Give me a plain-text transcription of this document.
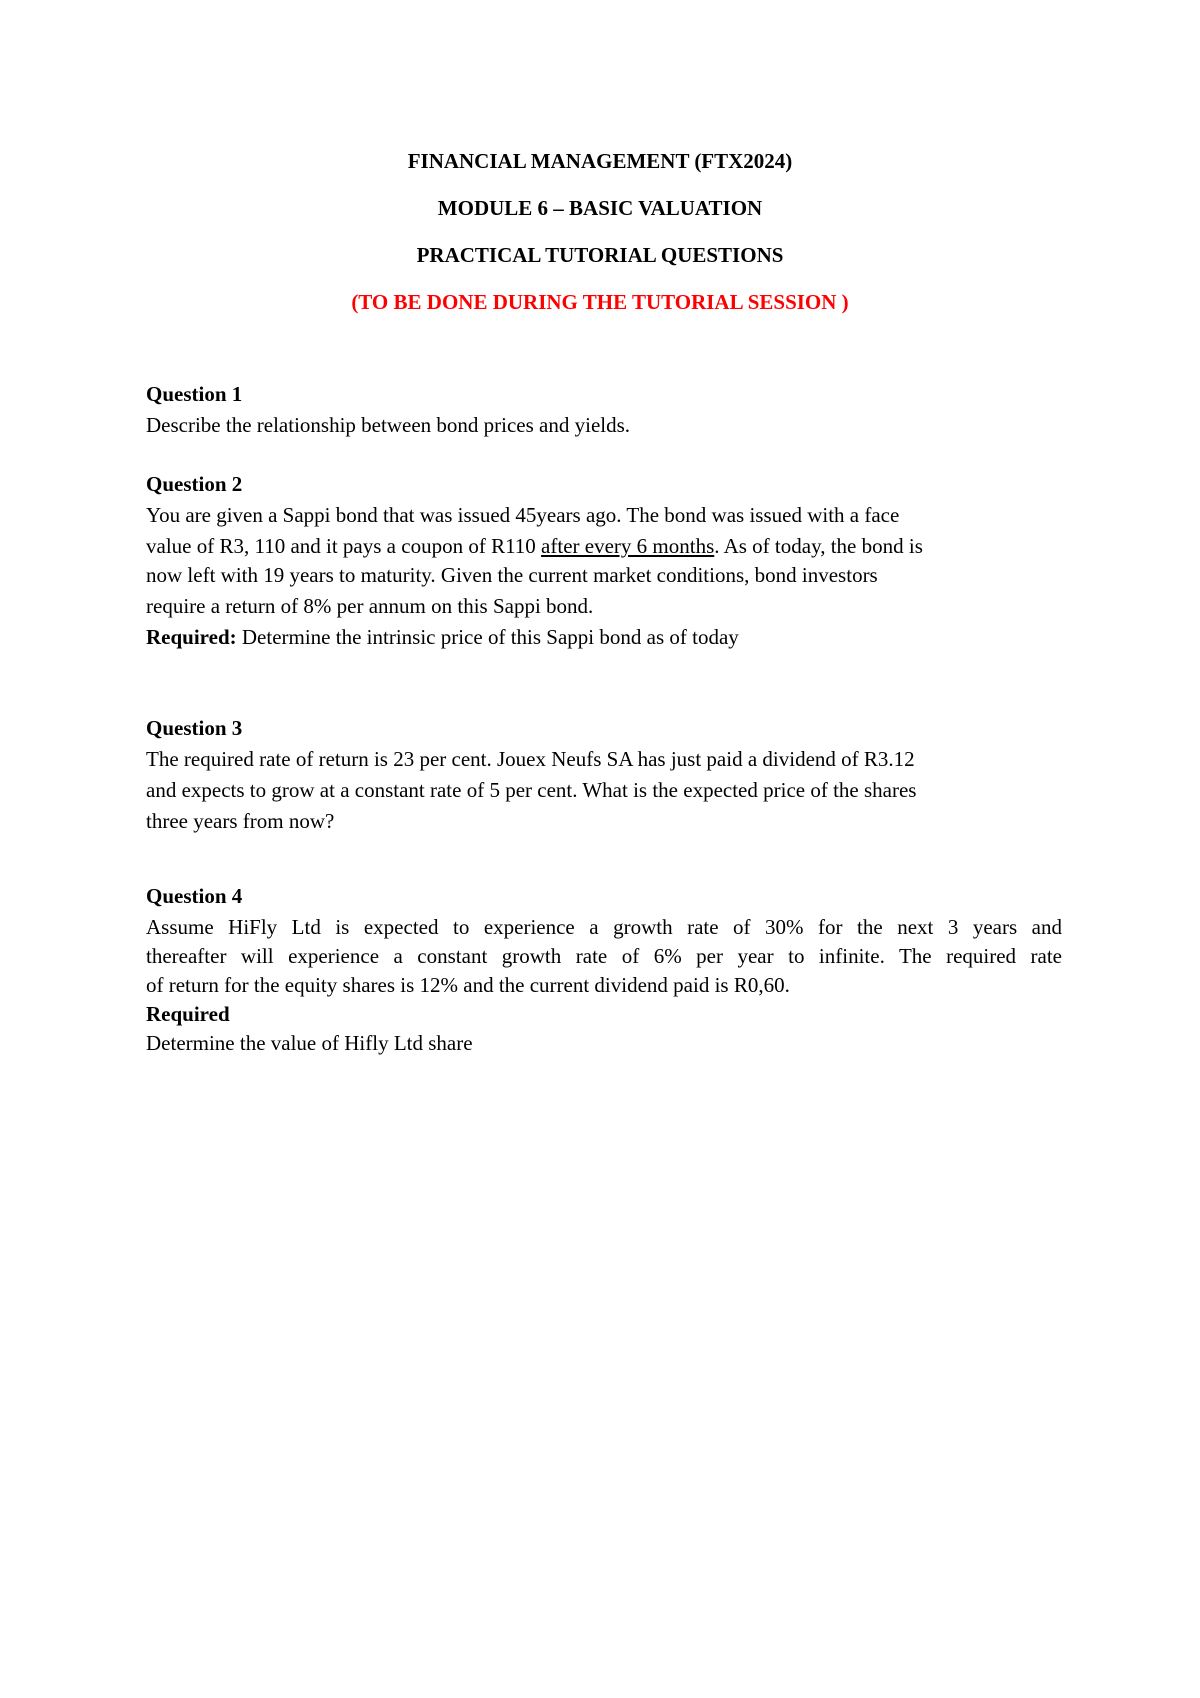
FINANCIAL MANAGEMENT (FTX2024)
MODULE 6 – BASIC VALUATION
PRACTICAL TUTORIAL QUESTIONS
(TO BE DONE DURING THE TUTORIAL SESSION )
Question 1
Describe the relationship between bond prices and yields.
Question 2
You are given a Sappi bond that was issued 45years ago. The bond was issued with a face
value of R3, 110 and it pays a coupon of R110 after every 6 months. As of today, the bond is
now left with 19 years to maturity. Given the current market conditions, bond investors
require a return of 8% per annum on this Sappi bond.
Required: Determine the intrinsic price of this Sappi bond as of today
Question 3
The required rate of return is 23 per cent. Jouex Neufs SA has just paid a dividend of R3.12
and expects to grow at a constant rate of 5 per cent. What is the expected price of the shares
three years from now?
Question 4
Assume HiFly Ltd is expected to experience a growth rate of 30% for the next 3 years and
thereafter will experience a constant growth rate of 6% per year to infinite. The required rate
of return for the equity shares is 12% and the current dividend paid is R0,60.
Required
Determine the value of Hifly Ltd share
